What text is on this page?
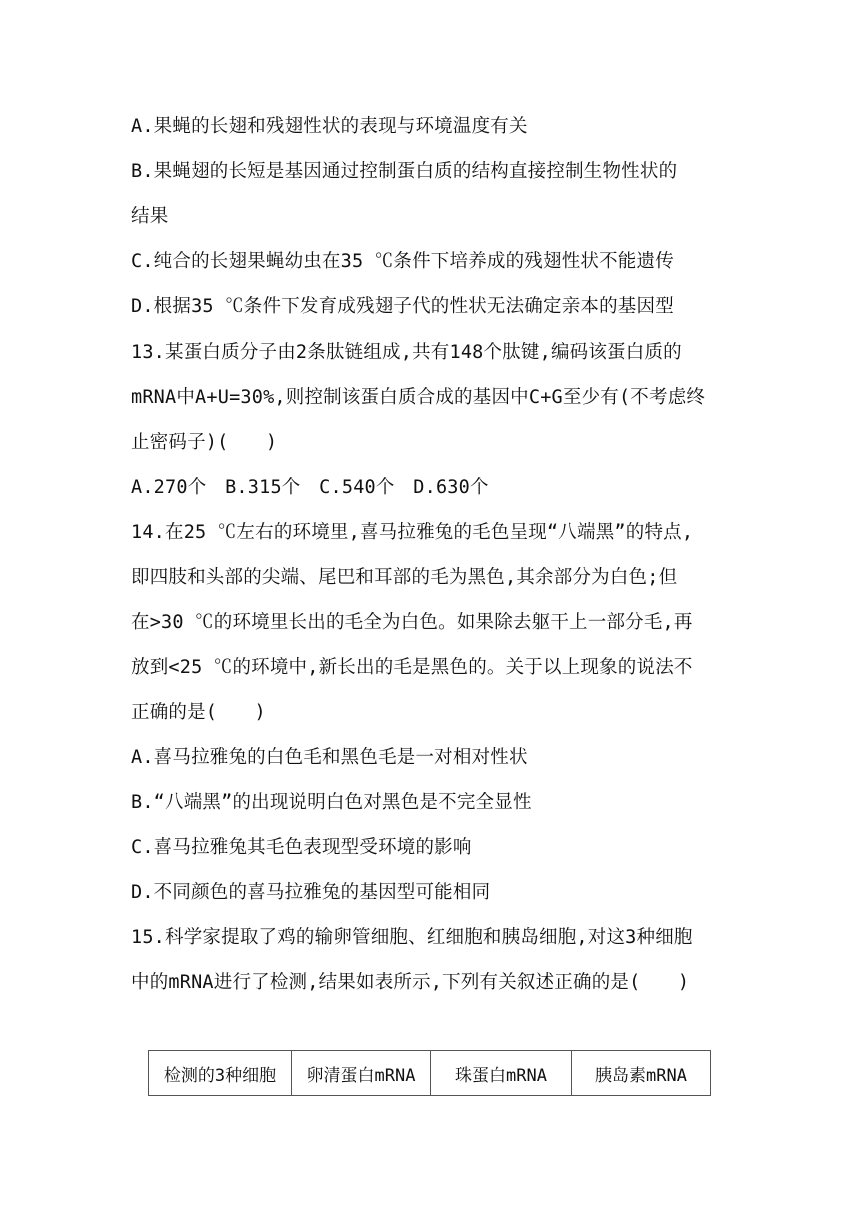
A.果蝇的长翅和残翅性状的表现与环境温度有关
B.果蝇翅的长短是基因通过控制蛋白质的结构直接控制生物性状的
结果
C.纯合的长翅果蝇幼虫在35 ℃条件下培养成的残翅性状不能遗传
D.根据35 ℃条件下发育成残翅子代的性状无法确定亲本的基因型
13.某蛋白质分子由2条肽链组成,共有148个肽键,编码该蛋白质的
mRNA中A+U=30%,则控制该蛋白质合成的基因中C+G至少有(不考虑终
止密码子)(　　)
A.270个　B.315个　C.540个　D.630个
14.在25 ℃左右的环境里,喜马拉雅兔的毛色呈现“八端黑”的特点,
即四肢和头部的尖端、尾巴和耳部的毛为黑色,其余部分为白色;但
在>30 ℃的环境里长出的毛全为白色。如果除去躯干上一部分毛,再
放到<25 ℃的环境中,新长出的毛是黑色的。关于以上现象的说法不
正确的是(　　)
A.喜马拉雅兔的白色毛和黑色毛是一对相对性状
B.“八端黑”的出现说明白色对黑色是不完全显性
C.喜马拉雅兔其毛色表现型受环境的影响
D.不同颜色的喜马拉雅兔的基因型可能相同
15.科学家提取了鸡的输卵管细胞、红细胞和胰岛细胞,对这3种细胞
中的mRNA进行了检测,结果如表所示,下列有关叙述正确的是(　　)
检测的3种细胞	卵清蛋白mRNA	珠蛋白mRNA	胰岛素mRNA
